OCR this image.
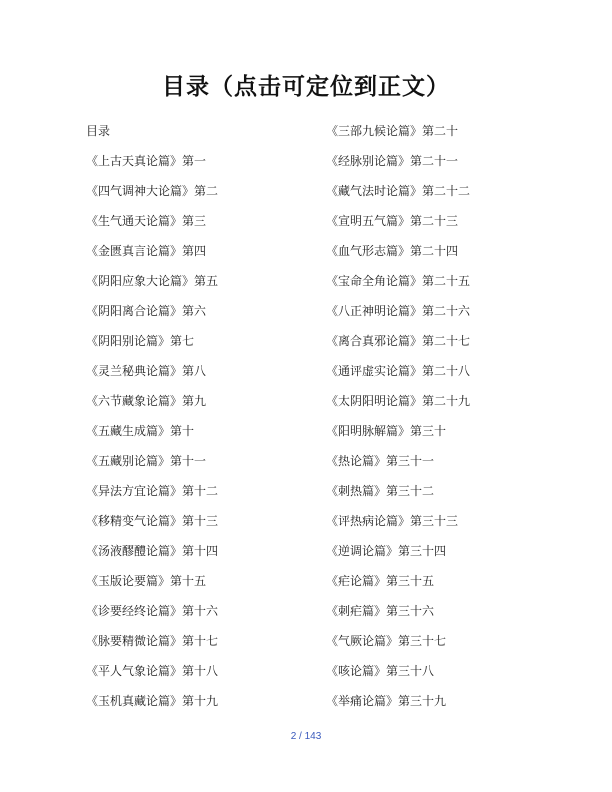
目录（点击可定位到正文）
目录
《上古天真论篇》第一
《四气调神大论篇》第二
《生气通天论篇》第三
《金匮真言论篇》第四
《阴阳应象大论篇》第五
《阴阳离合论篇》第六
《阴阳别论篇》第七
《灵兰秘典论篇》第八
《六节藏象论篇》第九
《五藏生成篇》第十
《五藏别论篇》第十一
《异法方宜论篇》第十二
《移精变气论篇》第十三
《汤液醪醴论篇》第十四
《玉版论要篇》第十五
《诊要经终论篇》第十六
《脉要精微论篇》第十七
《平人气象论篇》第十八
《玉机真藏论篇》第十九
《三部九候论篇》第二十
《经脉别论篇》第二十一
《藏气法时论篇》第二十二
《宣明五气篇》第二十三
《血气形志篇》第二十四
《宝命全角论篇》第二十五
《八正神明论篇》第二十六
《离合真邪论篇》第二十七
《通评虚实论篇》第二十八
《太阴阳明论篇》第二十九
《阳明脉解篇》第三十
《热论篇》第三十一
《刺热篇》第三十二
《评热病论篇》第三十三
《逆调论篇》第三十四
《疟论篇》第三十五
《刺疟篇》第三十六
《气厥论篇》第三十七
《咳论篇》第三十八
《举痛论篇》第三十九
2 / 143
